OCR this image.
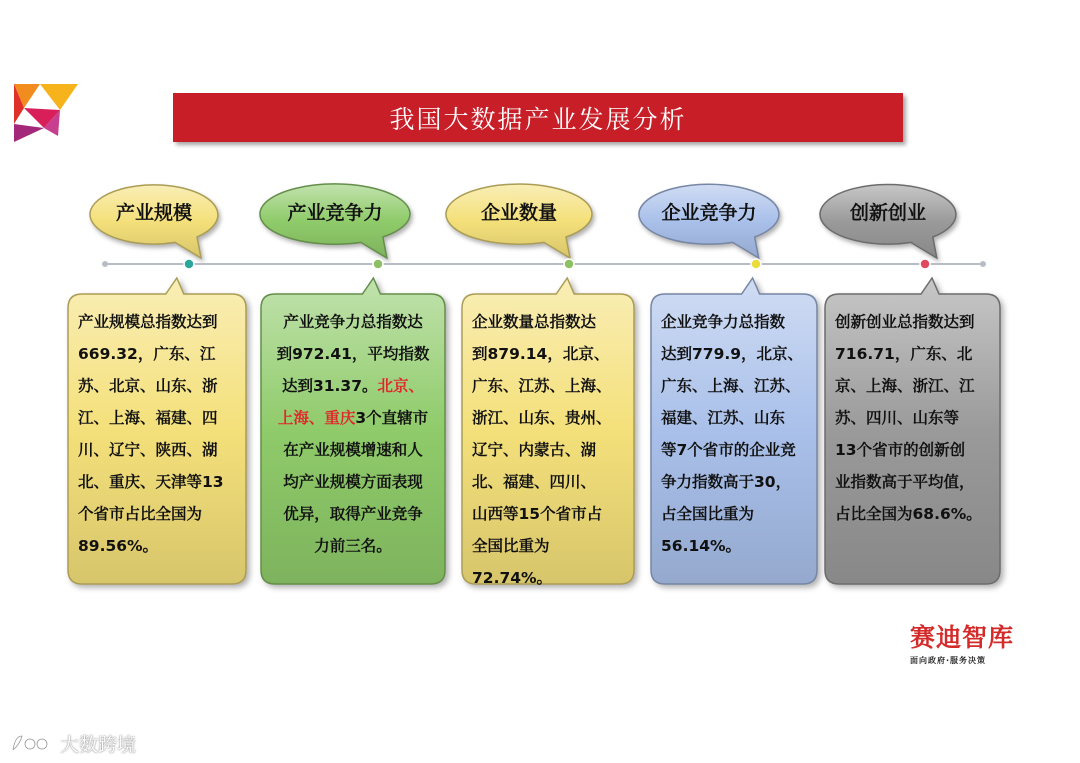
我国大数据产业发展分析
产业规模	产业竞争力	企业数量	企业竞争力	创新创业
产业规模总指数达到
669.32，广东、江
苏、北京、山东、浙
江、上海、福建、四
川、辽宁、陕西、湖
北、重庆、天津等13
个省市占比全国为
89.56%。
产业竞争力总指数达
到972.41，平均指数
达到31.37。北京、
上海、重庆3个直辖市
在产业规模增速和人
均产业规模方面表现
优异，取得产业竞争
力前三名。
企业数量总指数达
到879.14，北京、
广东、江苏、上海、
浙江、山东、贵州、
辽宁、内蒙古、湖
北、福建、四川、
山西等15个省市占
全国比重为72.74%。
企业竞争力总指数
达到779.9，北京、
广东、上海、江苏、
福建、江苏、山东
等7个省市的企业竞
争力指数高于30，
占全国比重为
56.14%。
创新创业总指数达到
716.71，广东、北
京、上海、浙江、江
苏、四川、山东等
13个省市的创新创
业指数高于平均值，
占比全国为68.6%。
赛迪智库
面向政府·服务决策
大数跨境
